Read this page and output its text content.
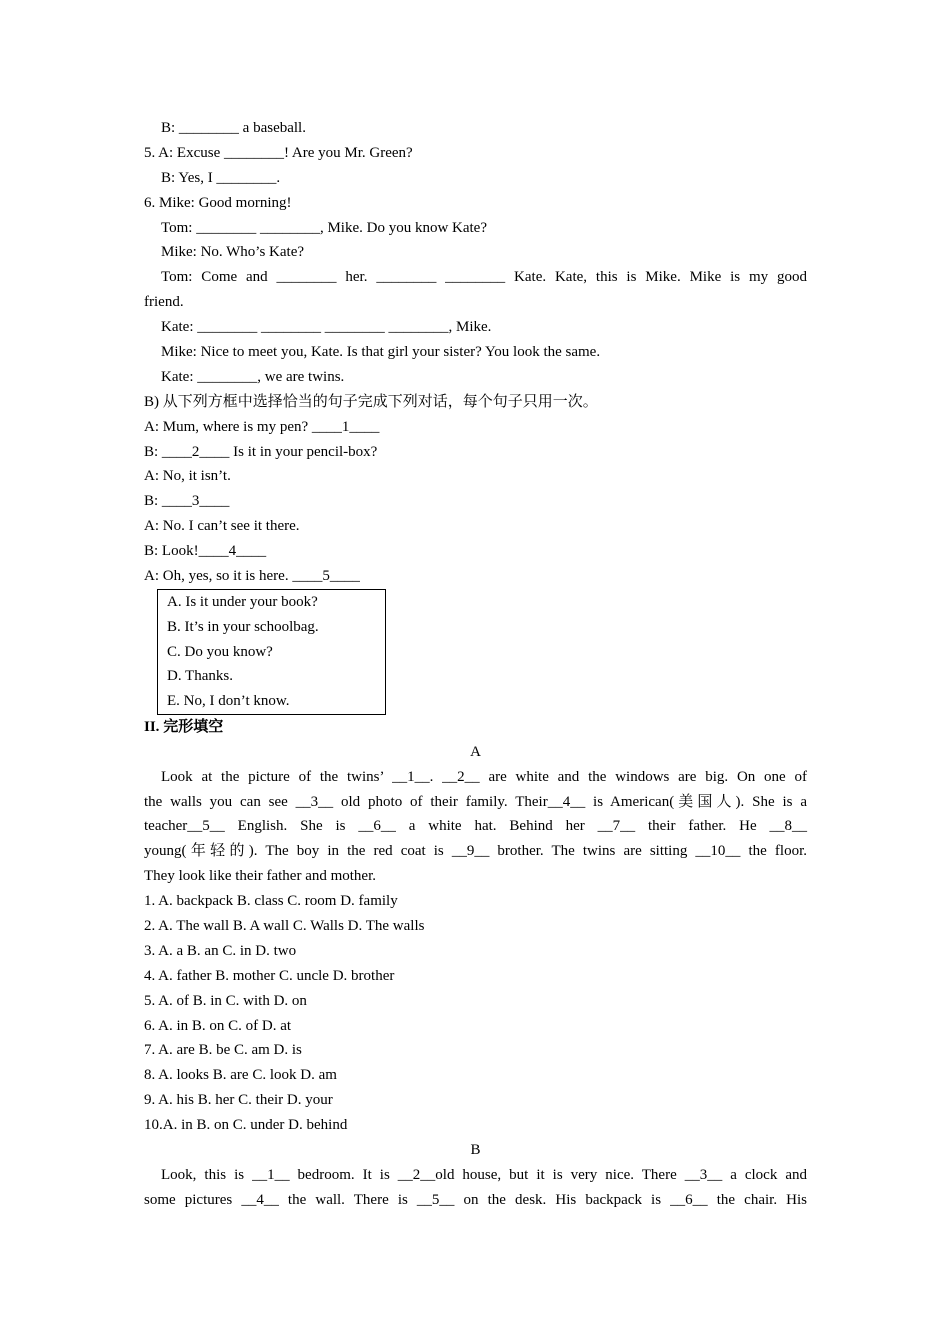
B: ________ a baseball.
5. A: Excuse ________! Are you Mr. Green?
B: Yes, I ________.
6. Mike: Good morning!
Tom: ________ ________, Mike. Do you know Kate?
Mike: No. Who’s Kate?
Tom: Come and ________ her. ________ ________ Kate. Kate, this is Mike. Mike is my good
friend.
Kate: ________ ________ ________ ________, Mike.
Mike: Nice to meet you, Kate. Is that girl your sister? You look the same.
Kate: ________, we are twins.
B) 从下列方框中选择恰当的句子完成下列对话，每个句子只用一次。
A: Mum, where is my pen? ____1____
B: ____2____ Is it in your pencil-box?
A: No, it isn’t.
B: ____3____
A: No. I can’t see it there.
B: Look!____4____
A: Oh, yes, so it is here. ____5____
A. Is it under your book?
B. It’s in your schoolbag.
C. Do you know?
D. Thanks.
E. No, I don’t know.
II. 完形填空
A
Look at the picture of the twins’ __1__. __2__ are white and the windows are big. On one of
the walls you can see __3__ old photo of their family. Their__4__ is American(美国人). She is a
teacher__5__ English. She is __6__ a white hat. Behind her __7__ their father. He __8__
young(年轻的). The boy in the red coat is __9__ brother. The twins are sitting __10__ the floor.
They look like their father and mother.
1. A. backpack B. class C. room D. family
2. A. The wall B. A wall C. Walls D. The walls
3. A. a B. an C. in D. two
4. A. father B. mother C. uncle D. brother
5. A. of B. in C. with D. on
6. A. in B. on C. of D. at
7. A. are B. be C. am D. is
8. A. looks B. are C. look D. am
9. A. his B. her C. their D. your
10.A. in B. on C. under D. behind
B
Look, this is __1__ bedroom. It is __2__old house, but it is very nice. There __3__ a clock and
some pictures __4__ the wall. There is __5__ on the desk. His backpack is __6__ the chair. His
